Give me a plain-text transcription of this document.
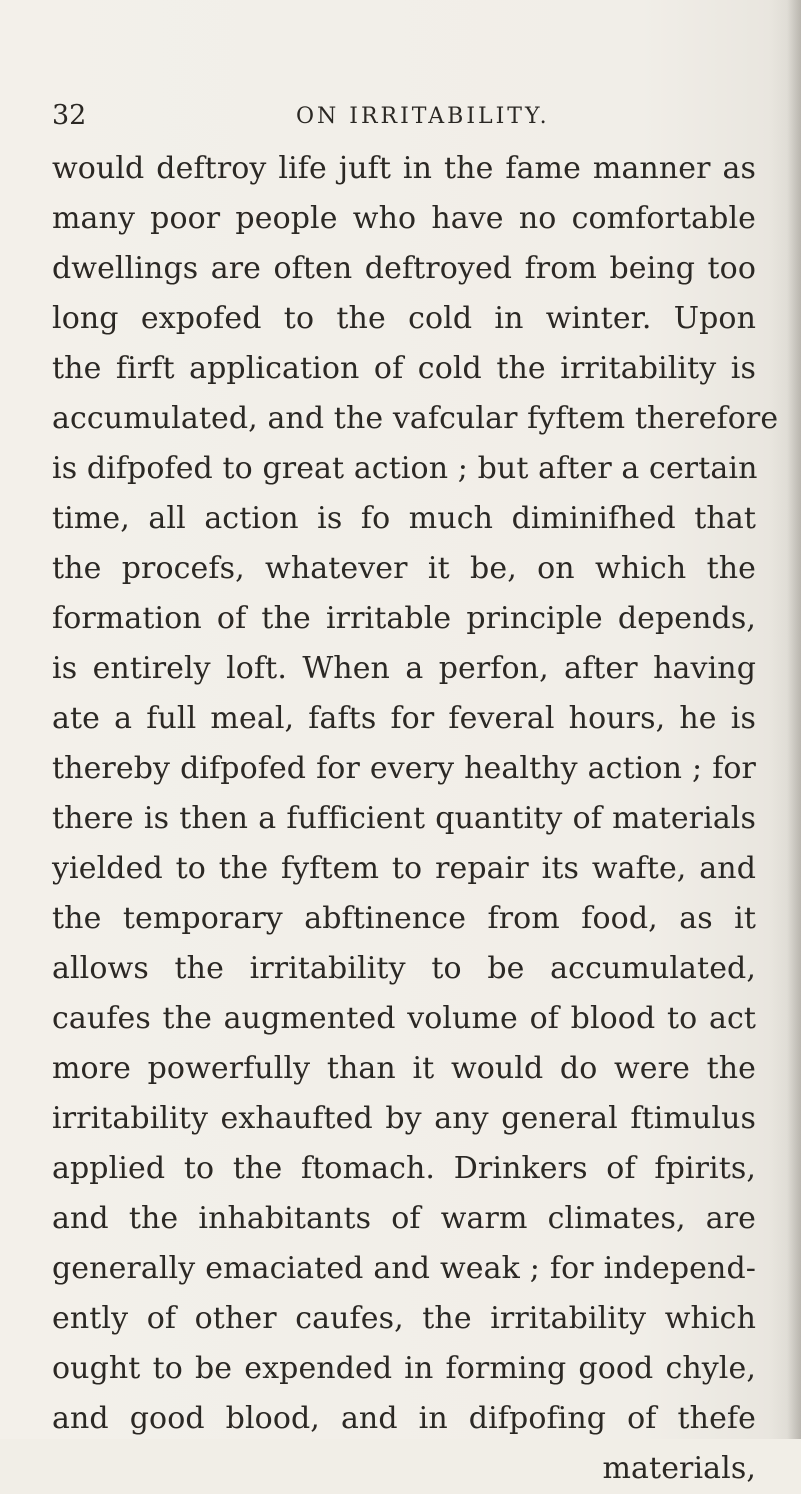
32	ON IRRITABILITY.
would deftroy life juft in the fame manner as
many poor people who have no comfortable
dwellings are often deftroyed from being too
long expofed to the cold in winter. Upon
the firft application of cold the irritability is
accumulated, and the vafcular fyftem therefore
is difpofed to great action ; but after a certain
time, all action is fo much diminifhed that
the procefs, whatever it be, on which the
formation of the irritable principle depends,
is entirely loft. When a perfon, after having
ate a full meal, fafts for feveral hours, he is
thereby difpofed for every healthy action ; for
there is then a fufficient quantity of materials
yielded to the fyftem to repair its wafte, and
the temporary abftinence from food, as it
allows the irritability to be accumulated,
caufes the augmented volume of blood to act
more powerfully than it would do were the
irritability exhaufted by any general ftimulus
applied to the ftomach. Drinkers of fpirits,
and the inhabitants of warm climates, are
generally emaciated and weak ; for independ-
ently of other caufes, the irritability which
ought to be expended in forming good chyle,
and good blood, and in difpofing of thefe
materials,
